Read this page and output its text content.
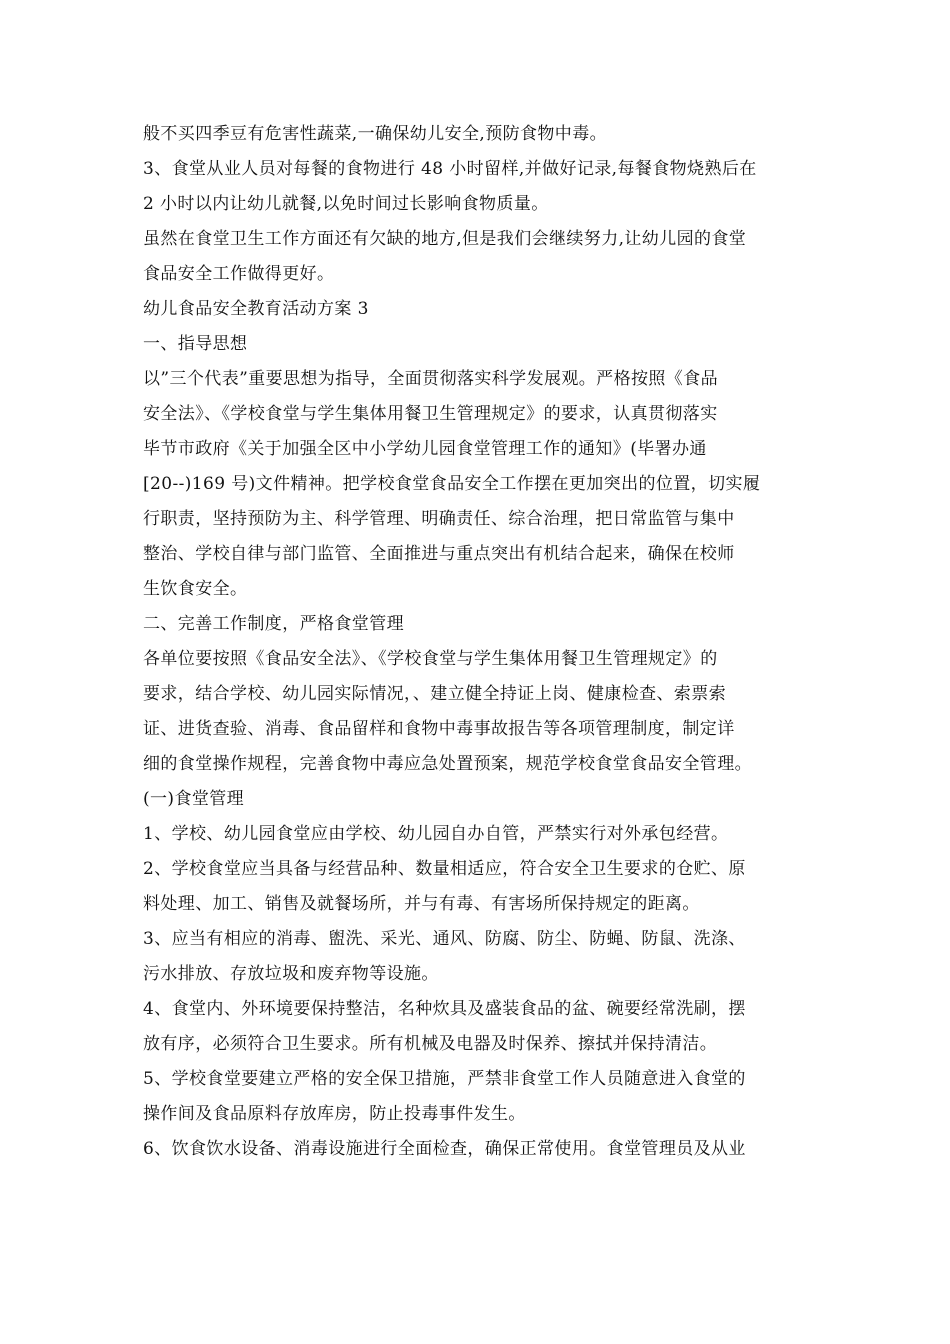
般不买四季豆有危害性蔬菜,一确保幼儿安全,预防食物中毒。
3、食堂从业人员对每餐的食物进行 48 小时留样,并做好记录,每餐食物烧熟后在
2 小时以内让幼儿就餐,以免时间过长影响食物质量。
虽然在食堂卫生工作方面还有欠缺的地方,但是我们会继续努力,让幼儿园的食堂
食品安全工作做得更好。
幼儿食品安全教育活动方案 3
一、指导思想
以”三个代表”重要思想为指导，全面贯彻落实科学发展观。严格按照《食品
安全法》、《学校食堂与学生集体用餐卫生管理规定》的要求，认真贯彻落实
毕节市政府《关于加强全区中小学幼儿园食堂管理工作的通知》(毕署办通
[20--)169 号)文件精神。把学校食堂食品安全工作摆在更加突出的位置，切实履
行职责，坚持预防为主、科学管理、明确责任、综合治理，把日常监管与集中
整治、学校自律与部门监管、全面推进与重点突出有机结合起来，确保在校师
生饮食安全。
二、完善工作制度，严格食堂管理
各单位要按照《食品安全法》、《学校食堂与学生集体用餐卫生管理规定》的
要求，结合学校、幼儿园实际情况，、建立健全持证上岗、健康检查、索票索
证、进货查验、消毒、食品留样和食物中毒事故报告等各项管理制度，制定详
细的食堂操作规程，完善食物中毒应急处置预案，规范学校食堂食品安全管理。
(一)食堂管理
1、学校、幼儿园食堂应由学校、幼儿园自办自管，严禁实行对外承包经营。
2、学校食堂应当具备与经营品种、数量相适应，符合安全卫生要求的仓贮、原
料处理、加工、销售及就餐场所，并与有毒、有害场所保持规定的距离。
3、应当有相应的消毒、盥洗、采光、通风、防腐、防尘、防蝇、防鼠、洗涤、
污水排放、存放垃圾和废弃物等设施。
4、食堂内、外环境要保持整洁，名种炊具及盛装食品的盆、碗要经常洗刷，摆
放有序，必须符合卫生要求。所有机械及电器及时保养、擦拭并保持清洁。
5、学校食堂要建立严格的安全保卫措施，严禁非食堂工作人员随意进入食堂的
操作间及食品原料存放库房，防止投毒事件发生。
6、饮食饮水设备、消毒设施进行全面检查，确保正常使用。食堂管理员及从业
